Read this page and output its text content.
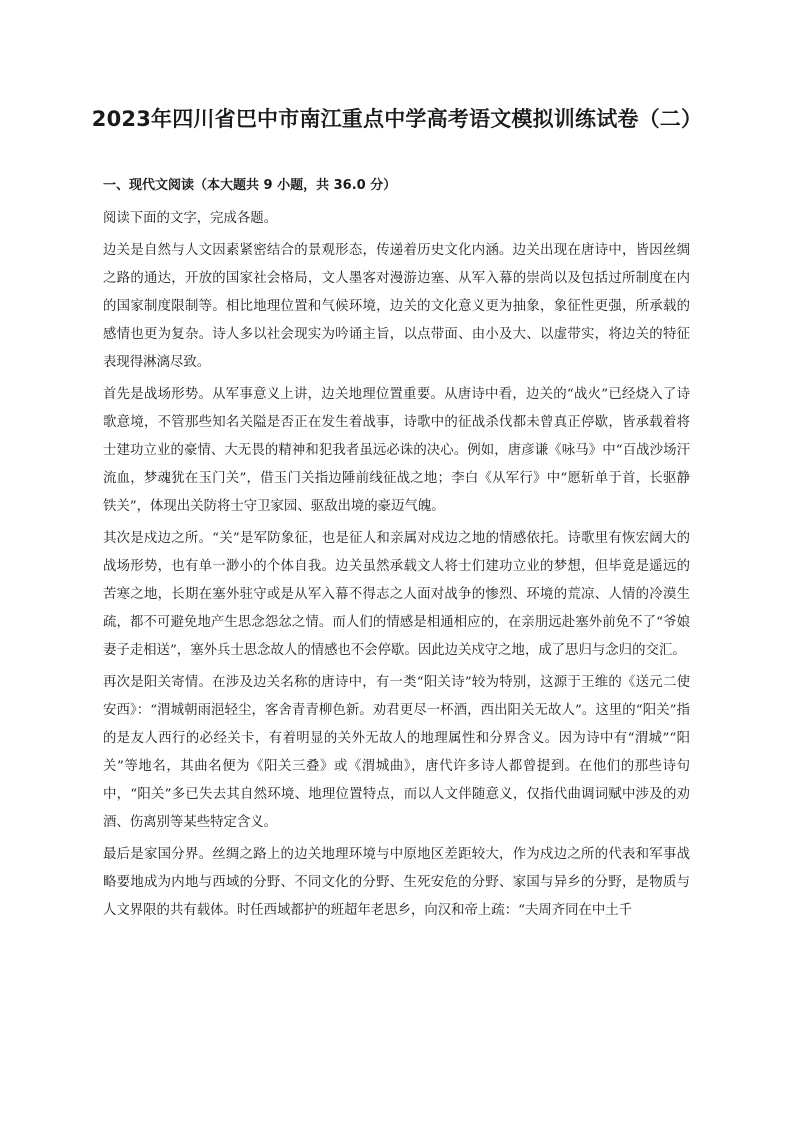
2023年四川省巴中市南江重点中学高考语文模拟训练试卷（二）
一、现代文阅读（本大题共 9 小题，共 36.0 分）

阅读下面的文字，完成各题。

边关是自然与人文因素紧密结合的景观形态，传递着历史文化内涵。边关出现在唐诗中，皆因丝绸之路的通达，开放的国家社会格局，文人墨客对漫游边塞、从军入幕的崇尚以及包括过所制度在内的国家制度限制等。相比地理位置和气候环境，边关的文化意义更为抽象，象征性更强，所承载的感情也更为复杂。诗人多以社会现实为吟诵主旨，以点带面、由小及大、以虚带实，将边关的特征表现得淋漓尽致。

首先是战场形势。从军事意义上讲，边关地理位置重要。从唐诗中看，边关的“战火”已经烧入了诗歌意境，不管那些知名关隘是否正在发生着战事，诗歌中的征战杀伐都未曾真正停歇，皆承载着将士建功立业的豪情、大无畏的精神和犯我者虽远必诛的决心。例如，唐彦谦《咏马》中“百战沙场汗流血，梦魂犹在玉门关”，借玉门关指边陲前线征战之地；李白《从军行》中“愿斩单于首，长驱静铁关”，体现出关防将士守卫家园、驱敌出境的豪迈气魄。

其次是戍边之所。“关”是军防象征，也是征人和亲属对戍边之地的情感依托。诗歌里有恢宏阔大的战场形势，也有单一渺小的个体自我。边关虽然承载文人将士们建功立业的梦想，但毕竟是遥远的苦寒之地，长期在塞外驻守或是从军入幕不得志之人面对战争的惨烈、环境的荒凉、人情的冷漠生疏，都不可避免地产生思念怨忿之情。而人们的情感是相通相应的，在亲朋远赴塞外前免不了“爷娘妻子走相送”，塞外兵士思念故人的情感也不会停歇。因此边关戍守之地，成了思归与念归的交汇。

再次是阳关寄情。在涉及边关名称的唐诗中，有一类“阳关诗”较为特别，这源于王维的《送元二使安西》：“渭城朝雨浥轻尘，客舍青青柳色新。劝君更尽一杯酒，西出阳关无故人”。这里的“阳关”指的是友人西行的必经关卡，有着明显的关外无故人的地理属性和分界含义。因为诗中有“渭城”“阳关”等地名，其曲名便为《阳关三叠》或《渭城曲》，唐代许多诗人都曾提到。在他们的那些诗句中，“阳关”多已失去其自然环境、地理位置特点，而以人文伴随意义，仅指代曲调词赋中涉及的劝酒、伤离别等某些特定含义。

最后是家国分界。丝绸之路上的边关地理环境与中原地区差距较大，作为戍边之所的代表和军事战略要地成为内地与西域的分野、不同文化的分野、生死安危的分野、家国与异乡的分野，是物质与人文界限的共有载体。时任西域都护的班超年老思乡，向汉和帝上疏：“夫周齐同在中土千
